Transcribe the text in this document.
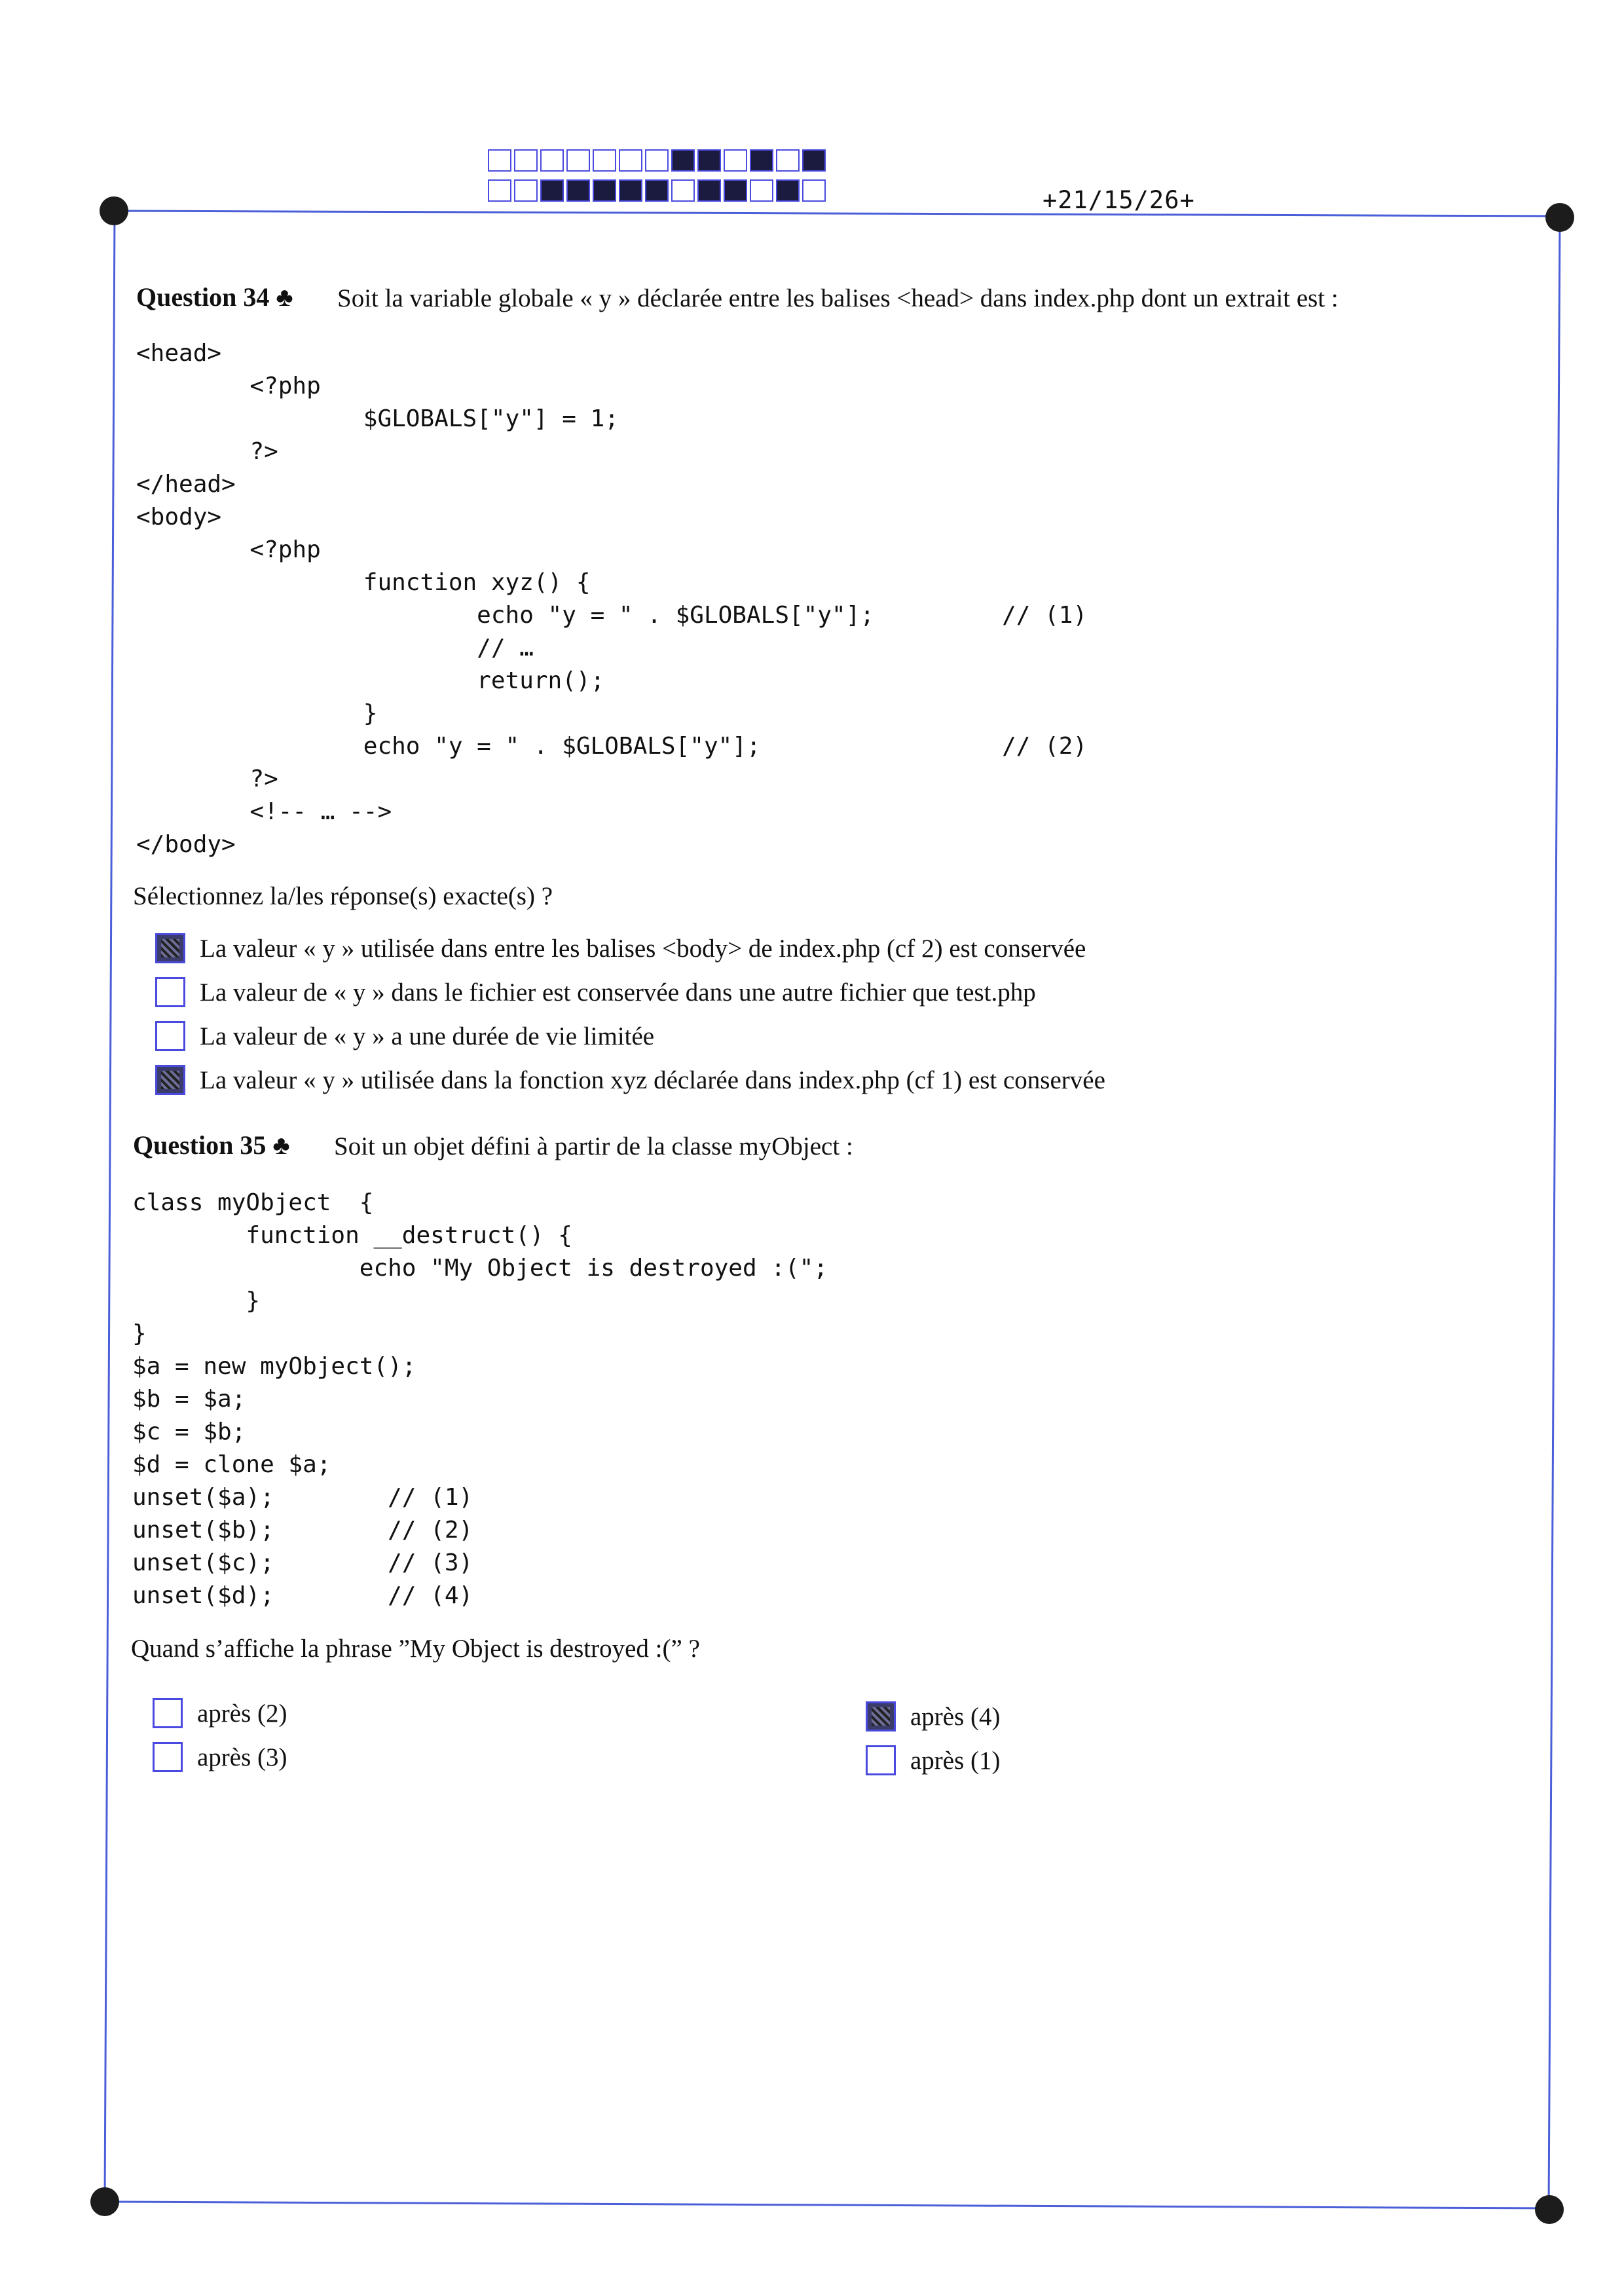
+21/15/26+
Question 34 ♣ Soit la variable globale « y » déclarée entre les balises <head> dans index.php dont un extrait est :
<head>
<?php
$GLOBALS["y"] = 1;
?>
</head>
<body>
<?php
function xyz() {
echo "y = " . $GLOBALS["y"];         // (1)
// …
return();
}
echo "y = " . $GLOBALS["y"];                 // (2)
?>
<!-- … -->
</body>
Sélectionnez la/les réponse(s) exacte(s) ?
La valeur « y » utilisée dans entre les balises <body> de index.php (cf 2) est conservée
La valeur de « y » dans le fichier est conservée dans une autre fichier que test.php
La valeur de « y » a une durée de vie limitée
La valeur « y » utilisée dans la fonction xyz déclarée dans index.php (cf 1) est conservée
Question 35 ♣ Soit un objet défini à partir de la classe myObject :
class myObject  {
function __destruct() {
echo "My Object is destroyed :(";
}
}
$a = new myObject();
$b = $a;
$c = $b;
$d = clone $a;
unset($a);        // (1)
unset($b);        // (2)
unset($c);        // (3)
unset($d);        // (4)
Quand s’affiche la phrase ”My Object is destroyed :(” ?
après (2)
après (3)
après (4)
après (1)
